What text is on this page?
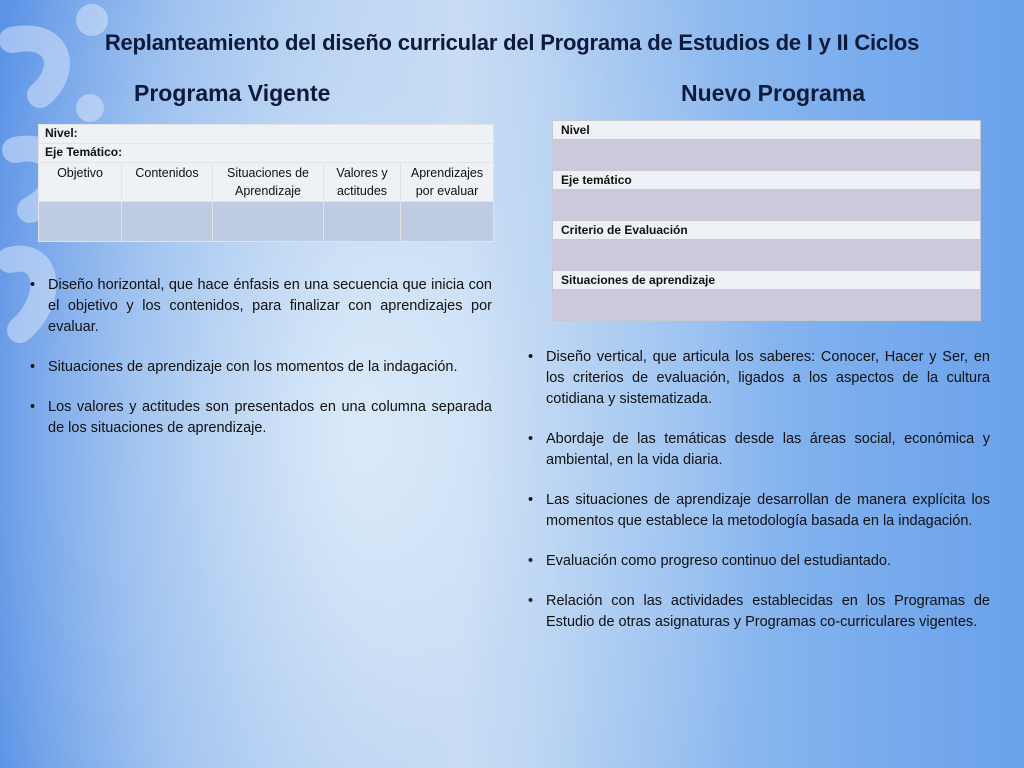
Replanteamiento del diseño curricular del Programa de Estudios de I y II Ciclos
Programa Vigente	Nuevo Programa
Nivel:				
Eje Temático:				
Objetivo	Contenidos	Situaciones de Aprendizaje	Valores y actitudes	Aprendizajes por evaluar

Nivel

Eje temático

Criterio de Evaluación

Situaciones de aprendizaje

• Diseño horizontal, que hace énfasis en una secuencia que inicia con el objetivo y los contenidos, para finalizar con aprendizajes por evaluar.
• Situaciones de aprendizaje con los momentos de la indagación.
• Los valores y actitudes son presentados en una columna separada de los situaciones de aprendizaje.
• Diseño vertical, que articula los saberes: Conocer, Hacer y Ser, en los criterios de evaluación, ligados a los aspectos de la cultura cotidiana y sistematizada.
• Abordaje de las temáticas desde las áreas social, económica y ambiental, en la vida diaria.
• Las situaciones de aprendizaje desarrollan de manera explícita los momentos que establece la metodología basada en la indagación.
• Evaluación como progreso continuo del estudiantado.
• Relación con las actividades establecidas en los Programas de Estudio de otras asignaturas y Programas co-curriculares vigentes.
